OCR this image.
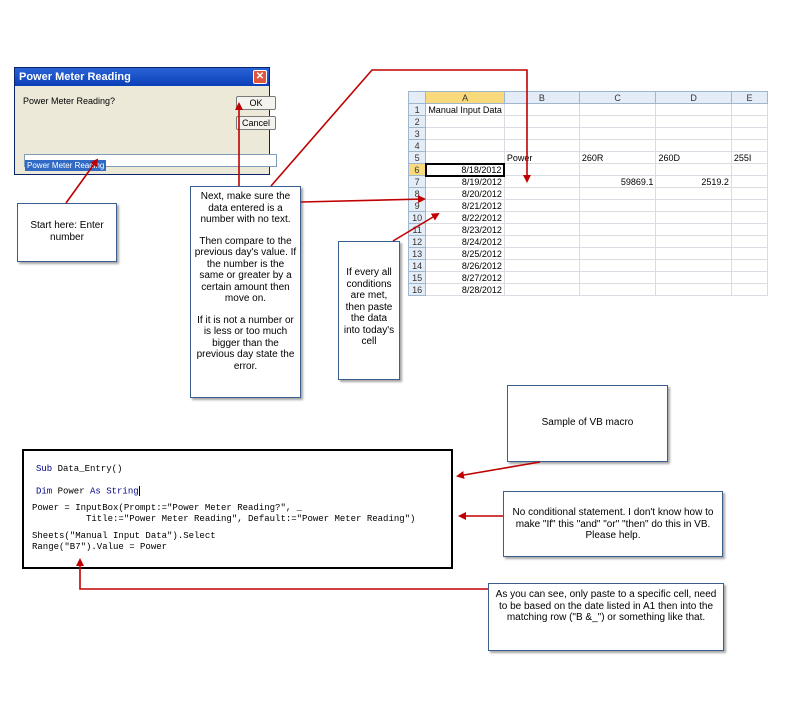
Power Meter Reading	✕
Power Meter Reading?	OK
Cancel
Power Meter Reading

Start here: Enter number

Next, make sure the data entered is a number with no text.

Then compare to the previous day's value. If the number is the same or greater by a certain amount then move on.

If it is not a number or is less or too much bigger than the previous day state the error.

If every all conditions are met, then paste the data into today's cell

Sample of VB macro

No conditional statement. I don't know how to make "If" this "and" "or" "then" do this in VB. Please help.

As you can see, only paste to a specific cell, need to be based on the date listed in A1 then into the matching row ("B &_") or something like that.

	A	B	C	D	E
1	Manual Input Data				
2					
3					
4					
5		Power	260R	260D	255I
6	8/18/2012				
7	8/19/2012		59869.1	2519.2	
8	8/20/2012				
9	8/21/2012				
10	8/22/2012				
11	8/23/2012				
12	8/24/2012				
13	8/25/2012				
14	8/26/2012				
15	8/27/2012				
16	8/28/2012				
Sub Data_Entry()
Dim Power As String
Power = InputBox(Prompt:="Power Meter Reading?", _
Title:="Power Meter Reading", Default:="Power Meter Reading")
Sheets("Manual Input Data").Select
Range("B7").Value = Power
